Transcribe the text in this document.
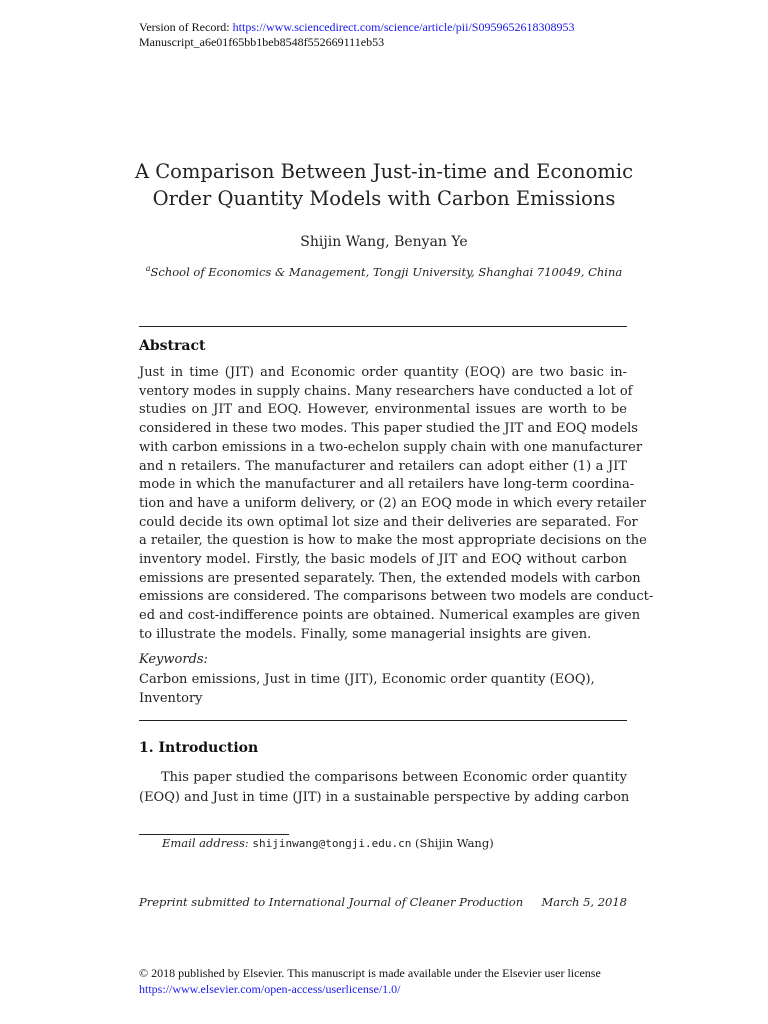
Version of Record: https://www.sciencedirect.com/science/article/pii/S0959652618308953
Manuscript_a6e01f65bb1beb8548f552669111eb53
A Comparison Between Just-in-time and Economic
Order Quantity Models with Carbon Emissions
Shijin Wang, Benyan Ye
$^a$School of Economics & Management, Tongji University, Shanghai 710049, China
Abstract
Just in time (JIT) and Economic order quantity (EOQ) are two basic in-
ventory modes in supply chains. Many researchers have conducted a lot of
studies on JIT and EOQ. However, environmental issues are worth to be
considered in these two modes. This paper studied the JIT and EOQ models
with carbon emissions in a two-echelon supply chain with one manufacturer
and n retailers. The manufacturer and retailers can adopt either (1) a JIT
mode in which the manufacturer and all retailers have long-term coordina-
tion and have a uniform delivery, or (2) an EOQ mode in which every retailer
could decide its own optimal lot size and their deliveries are separated. For
a retailer, the question is how to make the most appropriate decisions on the
inventory model. Firstly, the basic models of JIT and EOQ without carbon
emissions are presented separately. Then, the extended models with carbon
emissions are considered. The comparisons between two models are conduct-
ed and cost-indifference points are obtained. Numerical examples are given
to illustrate the models. Finally, some managerial insights are given.
Keywords:
Carbon emissions, Just in time (JIT), Economic order quantity (EOQ), Inventory
1. Introduction
This paper studied the comparisons between Economic order quantity
(EOQ) and Just in time (JIT) in a sustainable perspective by adding carbon
Email address: shijinwang@tongji.edu.cn (Shijin Wang)
Preprint submitted to International Journal of Cleaner Production March 5, 2018
© 2018 published by Elsevier. This manuscript is made available under the Elsevier user license
https://www.elsevier.com/open-access/userlicense/1.0/
